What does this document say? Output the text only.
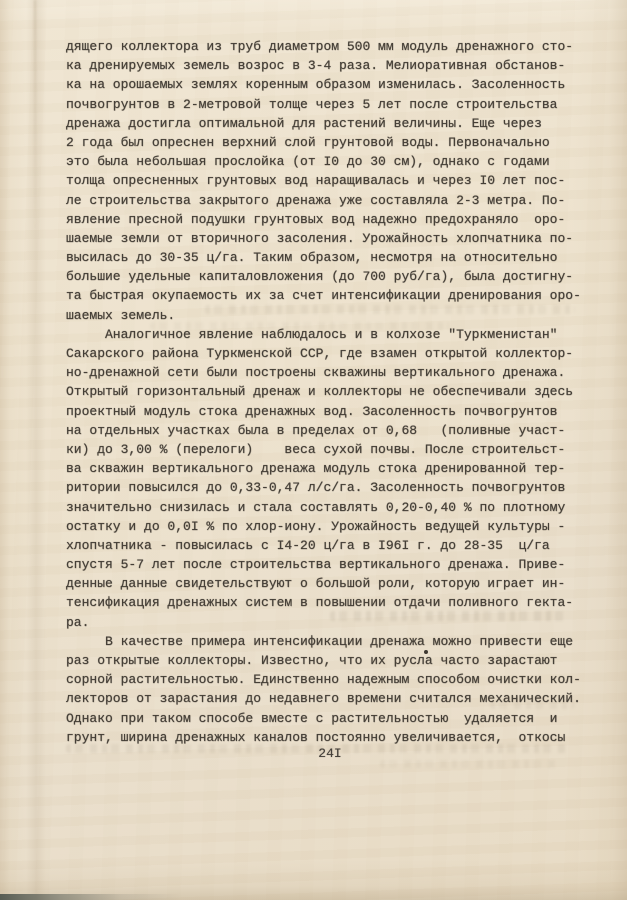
дящего коллектора из труб диаметром 500 мм модуль дренажного сто-
ка дренируемых земель возрос в 3-4 раза. Мелиоративная обстанов-
ка на орошаемых землях коренным образом изменилась. Засоленность
почвогрунтов в 2-метровой толще через 5 лет после строительства
дренажа достигла оптимальной для растений величины. Еще через
2 года был опреснен верхний слой грунтовой воды. Первоначально
это была небольшая прослойка (от I0 до 30 см), однако с годами
толща опресненных грунтовых вод наращивалась и через I0 лет пос-
ле строительства закрытого дренажа уже составляла 2-3 метра. По-
явление пресной подушки грунтовых вод надежно предохраняло  оро-
шаемые земли от вторичного засоления. Урожайность хлопчатника по-
высилась до 30-35 ц/га. Таким образом, несмотря на относительно
большие удельные капиталовложения (до 700 руб/га), была достигну-
та быстрая окупаемость их за счет интенсификации дренирования оро-
шаемых земель.
Аналогичное явление наблюдалось и в колхозе "Туркменистан"
Сакарского района Туркменской ССР, где взамен открытой коллектор-
но-дренажной сети были построены скважины вертикального дренажа.
Открытый горизонтальный дренаж и коллекторы не обеспечивали здесь
проектный модуль стока дренажных вод. Засоленность почвогрунтов
на отдельных участках была в пределах от 0,68   (поливные участ-
ки) до 3,00 % (перелоги)    веса сухой почвы. После строительст-
ва скважин вертикального дренажа модуль стока дренированной тер-
ритории повысился до 0,33-0,47 л/с/га. Засоленность почвогрунтов
значительно снизилась и стала составлять 0,20-0,40 % по плотному
остатку и до 0,0I % по хлор-иону. Урожайность ведущей культуры -
хлопчатника - повысилась с I4-20 ц/га в I96I г. до 28-35  ц/га
спустя 5-7 лет после строительства вертикального дренажа. Приве-
денные данные свидетельствуют о большой роли, которую играет ин-
тенсификация дренажных систем в повышении отдачи поливного гекта-
ра.
В качестве примера интенсификации дренажа можно привести еще
раз открытые коллекторы. Известно, что их русла часто зарастают
сорной растительностью. Единственно надежным способом очистки кол-
лекторов от зарастания до недавнего времени считался механический.
Однако при таком способе вместе с растительностью  удаляется  и
грунт, ширина дренажных каналов постоянно увеличивается,  откосы
24I
